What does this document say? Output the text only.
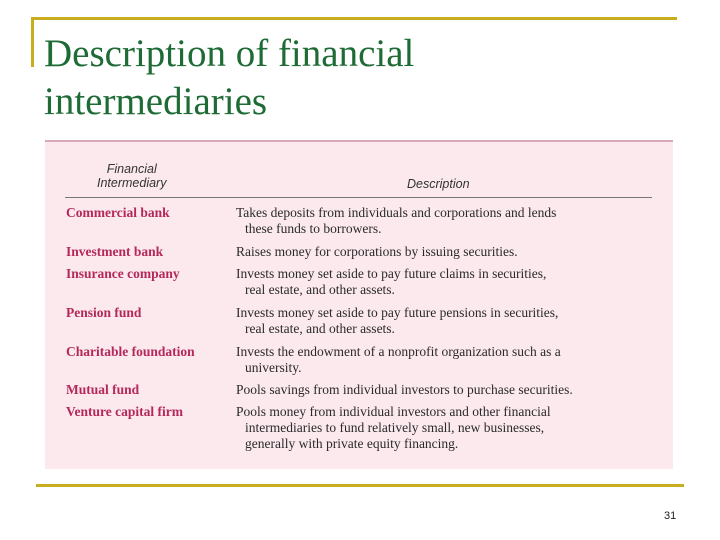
Description of financial
intermediaries
Financial
Intermediary	Description
Commercial bank	Takes deposits from individuals and corporations and lends
these funds to borrowers.
Investment bank	Raises money for corporations by issuing securities.
Insurance company	Invests money set aside to pay future claims in securities,
real estate, and other assets.
Pension fund	Invests money set aside to pay future pensions in securities,
real estate, and other assets.
Charitable foundation	Invests the endowment of a nonprofit organization such as a
university.
Mutual fund	Pools savings from individual investors to purchase securities.
Venture capital firm	Pools money from individual investors and other financial
intermediaries to fund relatively small, new businesses,
generally with private equity financing.
31
